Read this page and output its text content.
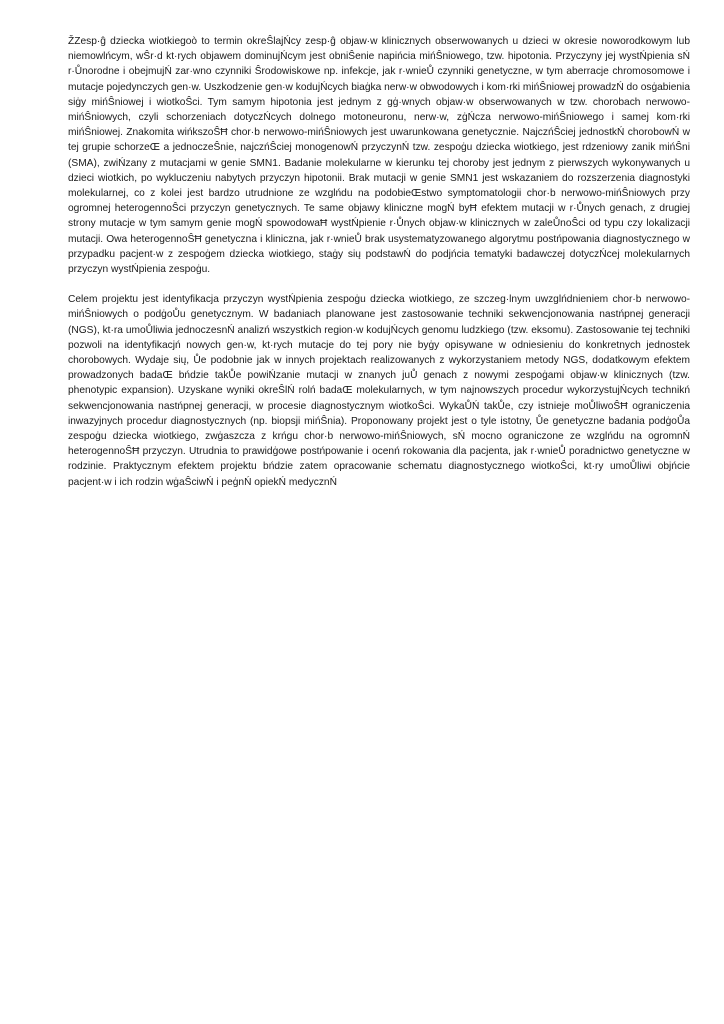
ŽZesp·ĝ dziecka wiotkiegoò to termin okreŜlajŃcy zesp·ĝ objaw·w klinicznych obserwowanych u dzieci w okresie noworodkowym lub niemowlńcym, wŜr·d kt·rych objawem dominujŃcym jest obniŜenie napińcia mińŜniowego, tzw. hipotonia. Przyczyny jej wystŃpienia sŃ r·Ůnorodne i obejmujŃ zar·wno czynniki Ŝrodowiskowe np. infekcje, jak r·wnieŮ czynniki genetyczne, w tym aberracje chromosomowe i mutacje pojedynczych gen·w. Uszkodzenie gen·w kodujŃcych biaġka nerw·w obwodowych i kom·rki mińŜniowej prowadzŃ do osġabienia siġy mińŜniowej i wiotkoŜci. Tym samym hipotonia jest jednym z gġ·wnych objaw·w obserwowanych w tzw. chorobach nerwowo-mińŜniowych, czyli schorzeniach dotyczŃcych dolnego motoneuronu, nerw·w, zġŃcza nerwowo-mińŜniowego i samej kom·rki mińŜniowej. Znakomita wińkszoŜĦ chor·b nerwowo-mińŜniowych jest uwarunkowana genetycznie. NajczńŜciej jednostkŃ chorobowŃ w tej grupie schorzeŒ a jednoczeŜnie, najczńŜciej monogenowŃ przyczynŃ tzw. zespoġu dziecka wiotkiego, jest rdzeniowy zanik mińŜni (SMA), zwiŃzany z mutacjami w genie SMN1. Badanie molekularne w kierunku tej choroby jest jednym z pierwszych wykonywanych u dzieci wiotkich, po wykluczeniu nabytych przyczyn hipotonii. Brak mutacji w genie SMN1 jest wskazaniem do rozszerzenia diagnostyki molekularnej, co z kolei jest bardzo utrudnione ze wzglńdu na podobieŒstwo symptomatologii chor·b nerwowo-mińŜniowych przy ogromnej heterogennoŜci przyczyn genetycznych. Te same objawy kliniczne mogŃ byĦ efektem mutacji w r·Ůnych genach, z drugiej strony mutacje w tym samym genie mogŃ spowodowaĦ wystŃpienie r·Ůnych objaw·w klinicznych w zaleŮnoŜci od typu czy lokalizacji mutacji. Owa heterogennoŜĦ genetyczna i kliniczna, jak r·wnieŮ brak usystematyzowanego algorytmu postńpowania diagnostycznego w przypadku pacjent·w z zespoġem dziecka wiotkiego, staġy sių podstawŃ do podjńcia tematyki badawczej dotyczŃcej molekularnych przyczyn wystŃpienia zespoġu.

Celem projektu jest identyfikacja przyczyn wystŃpienia zespoġu dziecka wiotkiego, ze szczeg·lnym uwzglńdnieniem chor·b nerwowo-mińŜniowych o podġoŮu genetycznym. W badaniach planowane jest zastosowanie techniki sekwencjonowania nastńpnej generacji (NGS), kt·ra umoŮliwia jednoczesnŃ analizń wszystkich region·w kodujŃcych genomu ludzkiego (tzw. eksomu). Zastosowanie tej techniki pozwoli na identyfikacjń nowych gen·w, kt·rych mutacje do tej pory nie byġy opisywane w odniesieniu do konkretnych jednostek chorobowych. Wydaje sių, Ůe podobnie jak w innych projektach realizowanych z wykorzystaniem metody NGS, dodatkowym efektem prowadzonych badaŒ bńdzie takŮe powiŃzanie mutacji w znanych juŮ genach z nowymi zespoġami objaw·w klinicznych (tzw. phenotypic expansion). Uzyskane wyniki okreŜlŃ rolń badaŒ molekularnych, w tym najnowszych procedur wykorzystujŃcych technikń sekwencjonowania nastńpnej generacji, w procesie diagnostycznym wiotkoŜci. WykaŮŃ takŮe, czy istnieje moŮliwoŜĦ ograniczenia inwazyjnych procedur diagnostycznych (np. biopsji mińŜnia). Proponowany projekt jest o tyle istotny, Ůe genetyczne badania podġoŮa zespoġu dziecka wiotkiego, zwġaszcza z krńgu chor·b nerwowo-mińŜniowych, sŃ mocno ograniczone ze wzglńdu na ogromnŃ heterogennoŜĦ przyczyn. Utrudnia to prawidġowe postńpowanie i ocenń rokowania dla pacjenta, jak r·wnieŮ poradnictwo genetyczne w rodzinie. Praktycznym efektem projektu bńdzie zatem opracowanie schematu diagnostycznego wiotkoŜci, kt·ry umoŮliwi objńcie pacjent·w i ich rodzin wġaŜciwŃ i peġnŃ opiekŃ medycznŃ
